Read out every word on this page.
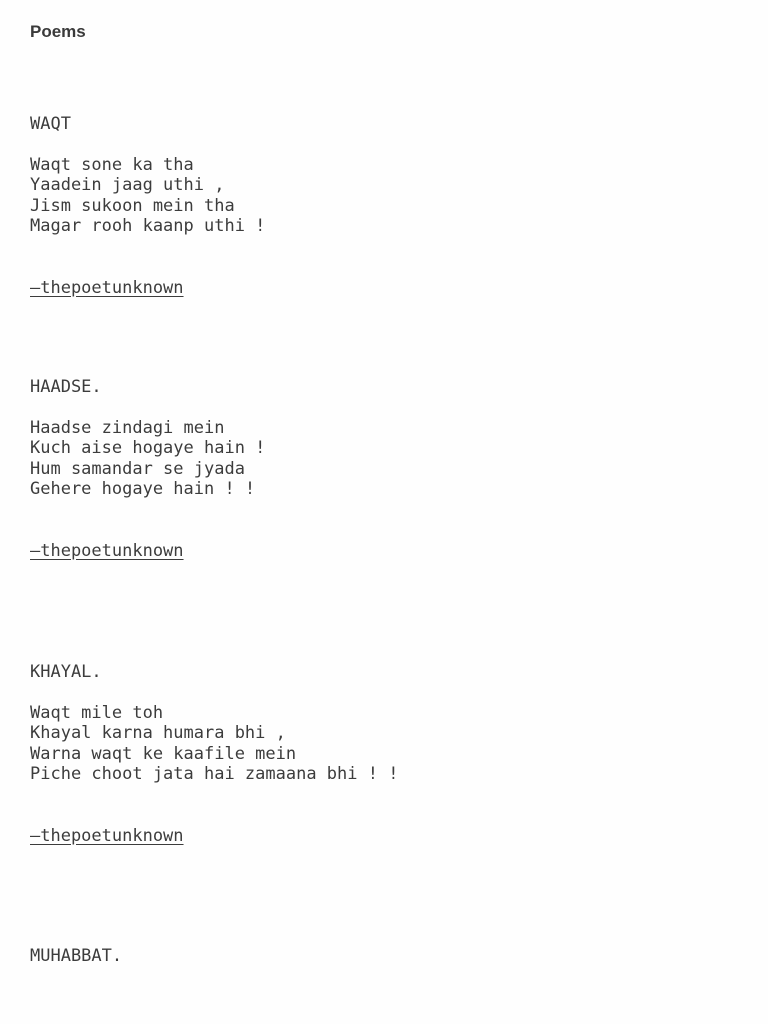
Poems
WAQT
Waqt sone ka tha
Yaadein jaag uthi ,
Jism sukoon mein tha
Magar rooh kaanp uthi !
—thepoetunknown
HAADSE.
Haadse zindagi mein
Kuch aise hogaye hain !
Hum samandar se jyada
Gehere hogaye hain ! !
—thepoetunknown
KHAYAL.
Waqt mile toh
Khayal karna humara bhi ,
Warna waqt ke kaafile mein
Piche choot jata hai zamaana bhi ! !
—thepoetunknown
MUHABBAT.
